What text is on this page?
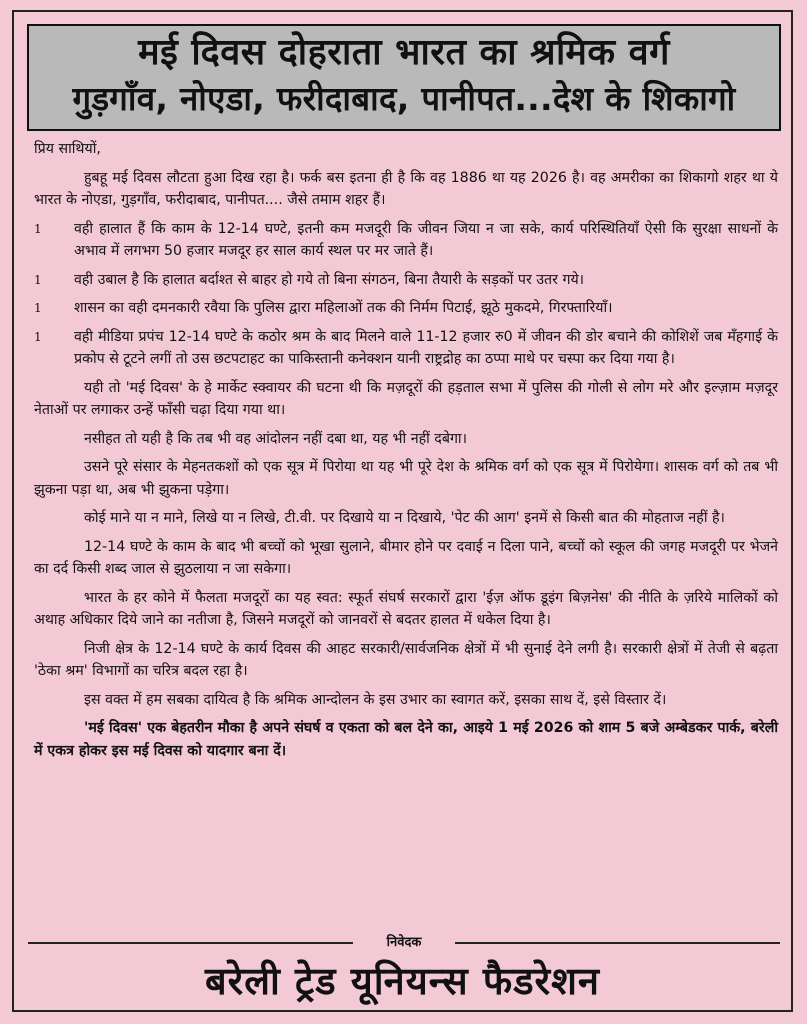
मई दिवस दोहराता भारत का श्रमिक वर्ग
गुड़गाँव, नोएडा, फरीदाबाद, पानीपत...देश के शिकागो

प्रिय साथियों,

हुबहू मई दिवस लौटता हुआ दिख रहा है। फर्क बस इतना ही है कि वह 1886 था यह 2026 है। वह अमरीका का शिकागो शहर था ये भारत के नोएडा, गुड़गाँव, फरीदाबाद, पानीपत.... जैसे तमाम शहर हैं।

1 वही हालात हैं कि काम के 12-14 घण्टे, इतनी कम मजदूरी कि जीवन जिया न जा सके, कार्य परिस्थितियाँ ऐसी कि सुरक्षा साधनों के अभाव में लगभग 50 हजार मजदूर हर साल कार्य स्थल पर मर जाते हैं।
1 वही उबाल है कि हालात बर्दाश्त से बाहर हो गये तो बिना संगठन, बिना तैयारी के सड़कों पर उतर गये।
1 शासन का वही दमनकारी रवैया कि पुलिस द्वारा महिलाओं तक की निर्मम पिटाई, झूठे मुकदमे, गिरफ्तारियाँ।
1 वही मीडिया प्रपंच 12-14 घण्टे के कठोर श्रम के बाद मिलने वाले 11-12 हजार रु0 में जीवन की डोर बचाने की कोशिशें जब मँहगाई के प्रकोप से टूटने लगीं तो उस छटपटाहट का पाकिस्तानी कनेक्शन यानी राष्ट्रद्रोह का ठप्पा माथे पर चस्पा कर दिया गया है।

यही तो 'मई दिवस' के हे मार्केट स्क्वायर की घटना थी कि मज़दूरों की हड़ताल सभा में पुलिस की गोली से लोग मरे और इल्ज़ाम मज़दूर नेताओं पर लगाकर उन्हें फाँसी चढ़ा दिया गया था।

नसीहत तो यही है कि तब भी वह आंदोलन नहीं दबा था, यह भी नहीं दबेगा।

उसने पूरे संसार के मेहनतकशों को एक सूत्र में पिरोया था यह भी पूरे देश के श्रमिक वर्ग को एक सूत्र में पिरोयेगा। शासक वर्ग को तब भी झुकना पड़ा था, अब भी झुकना पड़ेगा।

कोई माने या न माने, लिखे या न लिखे, टी.वी. पर दिखाये या न दिखाये, 'पेट की आग' इनमें से किसी बात की मोहताज नहीं है।

12-14 घण्टे के काम के बाद भी बच्चों को भूखा सुलाने, बीमार होने पर दवाई न दिला पाने, बच्चों को स्कूल की जगह मजदूरी पर भेजने का दर्द किसी शब्द जाल से झुठलाया न जा सकेगा।

भारत के हर कोने में फैलता मजदूरों का यह स्वत: स्फूर्त संघर्ष सरकारों द्वारा 'ईज़ ऑफ डूइंग बिज़नेस' की नीति के ज़रिये मालिकों को अथाह अधिकार दिये जाने का नतीजा है, जिसने मजदूरों को जानवरों से बदतर हालत में धकेल दिया है।

निजी क्षेत्र के 12-14 घण्टे के कार्य दिवस की आहट सरकारी/सार्वजनिक क्षेत्रों में भी सुनाई देने लगी है। सरकारी क्षेत्रों में तेजी से बढ़ता 'ठेका श्रम' विभागों का चरित्र बदल रहा है।

इस वक्त में हम सबका दायित्व है कि श्रमिक आन्दोलन के इस उभार का स्वागत करें, इसका साथ दें, इसे विस्तार दें।

'मई दिवस' एक बेहतरीन मौका है अपने संघर्ष व एकता को बल देने का, आइये 1 मई 2026 को शाम 5 बजे अम्बेडकर पार्क, बरेली में एकत्र होकर इस मई दिवस को यादगार बना दें।

निवेदक
बरेली ट्रेड यूनियन्स फैडरेशन
